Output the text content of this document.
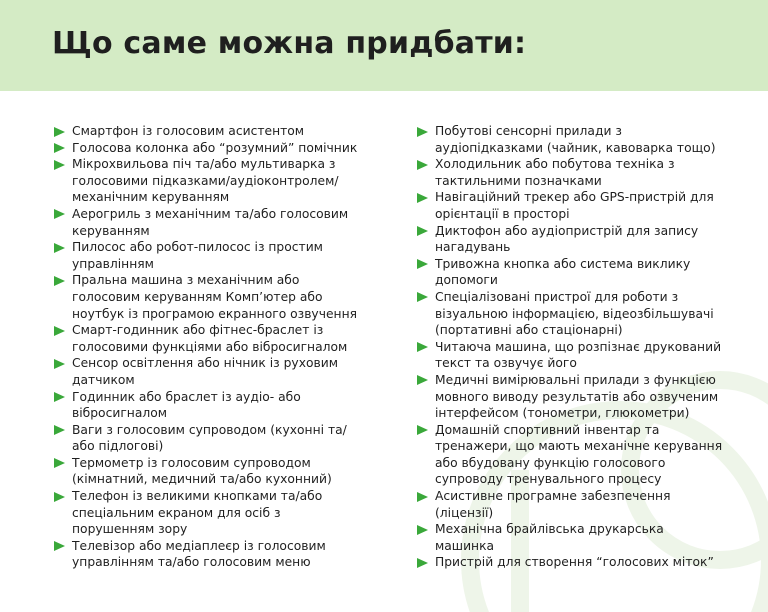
Що саме можна придбати:
Смартфон із голосовим асистентом
Голосова колонка або “розумний” помічник
Мікрохвильова піч та/або мультиварка з
голосовими підказками/аудіоконтролем/
механічним керуванням
Аерогриль з механічним та/або голосовим
керуванням
Пилосос або робот-пилосос із простим
управлінням
Пральна машина з механічним або
голосовим керуванням Комп’ютер або
ноутбук із програмою екранного озвучення
Смарт-годинник або фітнес-браслет із
голосовими функціями або вібросигналом
Сенсор освітлення або нічник із руховим
датчиком
Годинник або браслет із аудіо- або
вібросигналом
Ваги з голосовим супроводом (кухонні та/
або підлогові)
Термометр із голосовим супроводом
(кімнатний, медичний та/або кухонний)
Телефон із великими кнопками та/або
спеціальним екраном для осіб з
порушенням зору
Телевізор або медіаплеєр із голосовим
управлінням та/або голосовим меню
Побутові сенсорні прилади з
аудіопідказками (чайник, кавоварка тощо)
Холодильник або побутова техніка з
тактильними позначками
Навігаційний трекер або GPS-пристрій для
орієнтації в просторі
Диктофон або аудіопристрій для запису
нагадувань
Тривожна кнопка або система виклику
допомоги
Спеціалізовані пристрої для роботи з
візуальною інформацією, відеозбільшувачі
(портативні або стаціонарні)
Читаюча машина, що розпізнає друкований
текст та озвучує його
Медичні вимірювальні прилади з функцією
мовного виводу результатів або озвученим
інтерфейсом (тонометри, глюкометри)
Домашній спортивний інвентар та
тренажери, що мають механічне керування
або вбудовану функцію голосового
супроводу тренувального процесу
Асистивне програмне забезпечення
(ліцензії)
Механічна брайлівська друкарська
машинка
Пристрій для створення “голосових міток”
